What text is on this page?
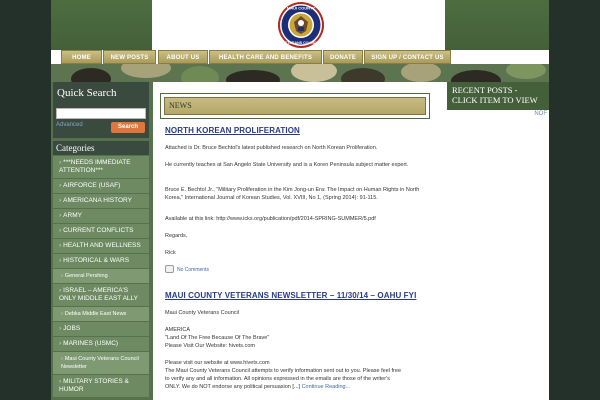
MAUI COUNTY
VETERANS COUNCIL
HOME	NEW POSTS	ABOUT US	HEALTH CARE AND BENEFITS	DONATE	SIGN UP / CONTACT US
Quick Search
Advanced	Search
Categories
› ***NEEDS IMMEDIATE ATTENTION***
› AIRFORCE (USAF)
› AMERICANA HISTORY
› ARMY
› CURRENT CONFLICTS
› HEALTH AND WELLNESS
› HISTORICAL & WARS
› General Pershing
› ISRAEL – AMERICA'S ONLY MIDDLE EAST ALLY
› Debka Middle East News
› JOBS
› MARINES (USMC)
› Maui County Veterans Council Newsletter
› MILITARY STORIES & HUMOR
NEWS
NORTH KOREAN PROLIFERATION
Attached is Dr. Bruce Bechtol's latest published research on North Korean Proliferation.
He currently teaches at San Angelo State University and is a Koren Peninsula subject matter expert.
Bruce E. Bechtol Jr., "Military Proliferation in the Kim Jong-un Era: The Impact on Human Rights in North Korea," International Journal of Korean Studies, Vol. XVIII, No 1, (Spring 2014): 91-115.
Available at this link: http://www.icks.org/publication/pdf/2014-SPRING-SUMMER/5.pdf
Regards,
Rick
No Comments
MAUI COUNTY VETERANS NEWSLETTER – 11/30/14 – OAHU FYI
Maui County Veterans Council
AMERICA
"Land Of The Free Because Of The Brave"
Please Visit Our Website: hivets.com
Please visit our website at www.hivets.com
The Maui County Veterans Council attempts to verify information sent out to you. Please feel free
to verify any and all information. All opinions expressed in the emails are those of the writer's
ONLY. We do NOT endorse any political persuasion [...] Continue Reading...
RECENT POSTS - CLICK ITEM TO VIEW
NOF
